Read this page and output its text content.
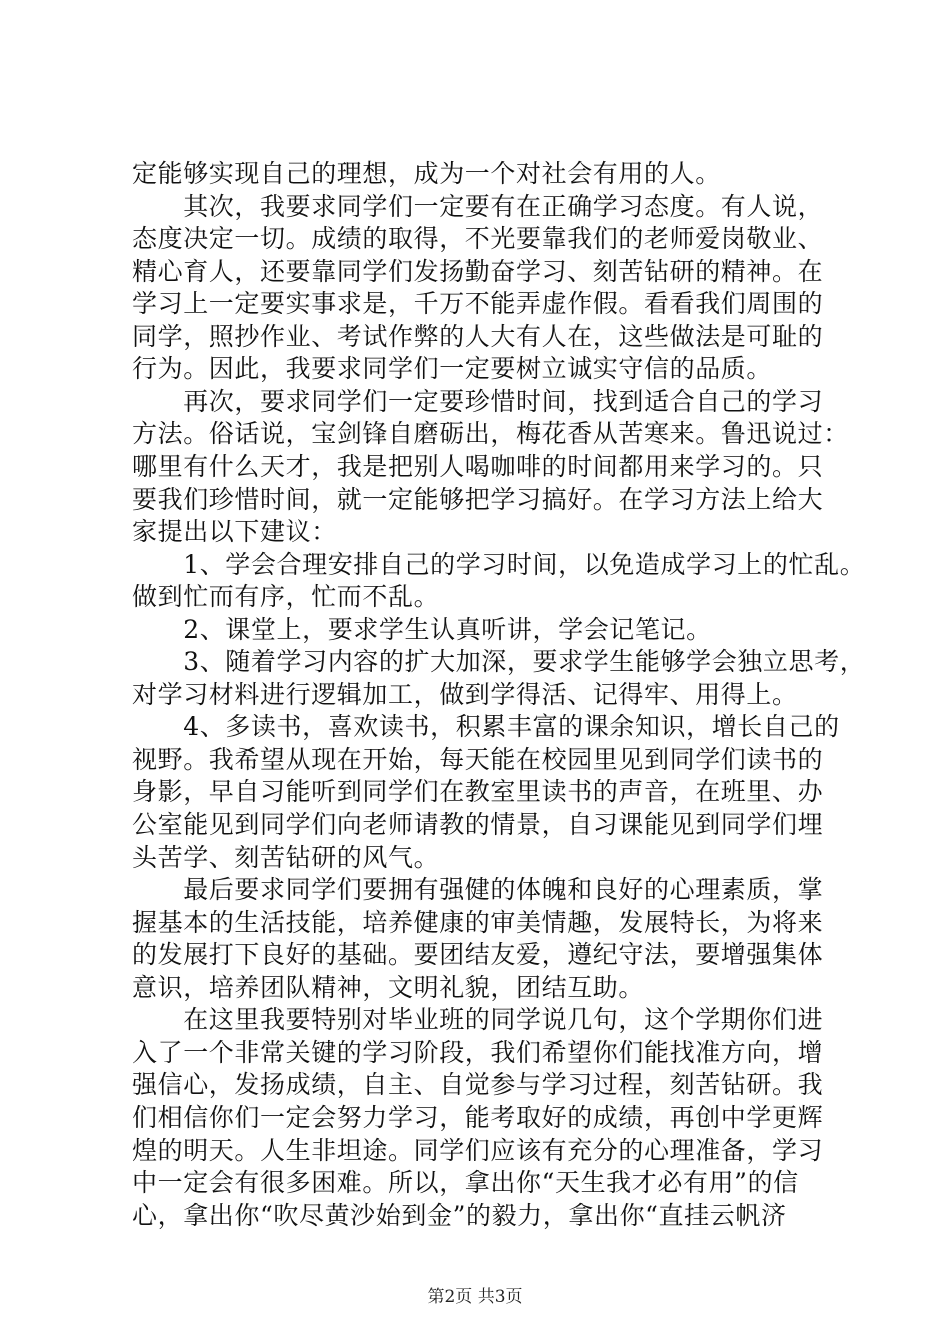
定能够实现自己的理想，成为一个对社会有用的人。
　　其次，我要求同学们一定要有在正确学习态度。有人说，
态度决定一切。成绩的取得，不光要靠我们的老师爱岗敬业、
精心育人，还要靠同学们发扬勤奋学习、刻苦钻研的精神。在
学习上一定要实事求是，千万不能弄虚作假。看看我们周围的
同学，照抄作业、考试作弊的人大有人在，这些做法是可耻的
行为。因此，我要求同学们一定要树立诚实守信的品质。
　　再次，要求同学们一定要珍惜时间，找到适合自己的学习
方法。俗话说，宝剑锋自磨砺出，梅花香从苦寒来。鲁迅说过：
哪里有什么天才，我是把别人喝咖啡的时间都用来学习的。只
要我们珍惜时间，就一定能够把学习搞好。在学习方法上给大
家提出以下建议：
　　1、学会合理安排自己的学习时间，以免造成学习上的忙乱。
做到忙而有序，忙而不乱。
　　2、课堂上，要求学生认真听讲，学会记笔记。
　　3、随着学习内容的扩大加深，要求学生能够学会独立思考，
对学习材料进行逻辑加工，做到学得活、记得牢、用得上。
　　4、多读书，喜欢读书，积累丰富的课余知识，增长自己的
视野。我希望从现在开始，每天能在校园里见到同学们读书的
身影，早自习能听到同学们在教室里读书的声音，在班里、办
公室能见到同学们向老师请教的情景，自习课能见到同学们埋
头苦学、刻苦钻研的风气。
　　最后要求同学们要拥有强健的体魄和良好的心理素质，掌
握基本的生活技能，培养健康的审美情趣，发展特长，为将来
的发展打下良好的基础。要团结友爱，遵纪守法，要增强集体
意识，培养团队精神，文明礼貌，团结互助。
　　在这里我要特别对毕业班的同学说几句，这个学期你们进
入了一个非常关键的学习阶段，我们希望你们能找准方向，增
强信心，发扬成绩，自主、自觉参与学习过程，刻苦钻研。我
们相信你们一定会努力学习，能考取好的成绩，再创中学更辉
煌的明天。人生非坦途。同学们应该有充分的心理准备，学习
中一定会有很多困难。所以，拿出你“天生我才必有用”的信
心，拿出你“吹尽黄沙始到金”的毅力，拿出你“直挂云帆济
第2页 共3页
